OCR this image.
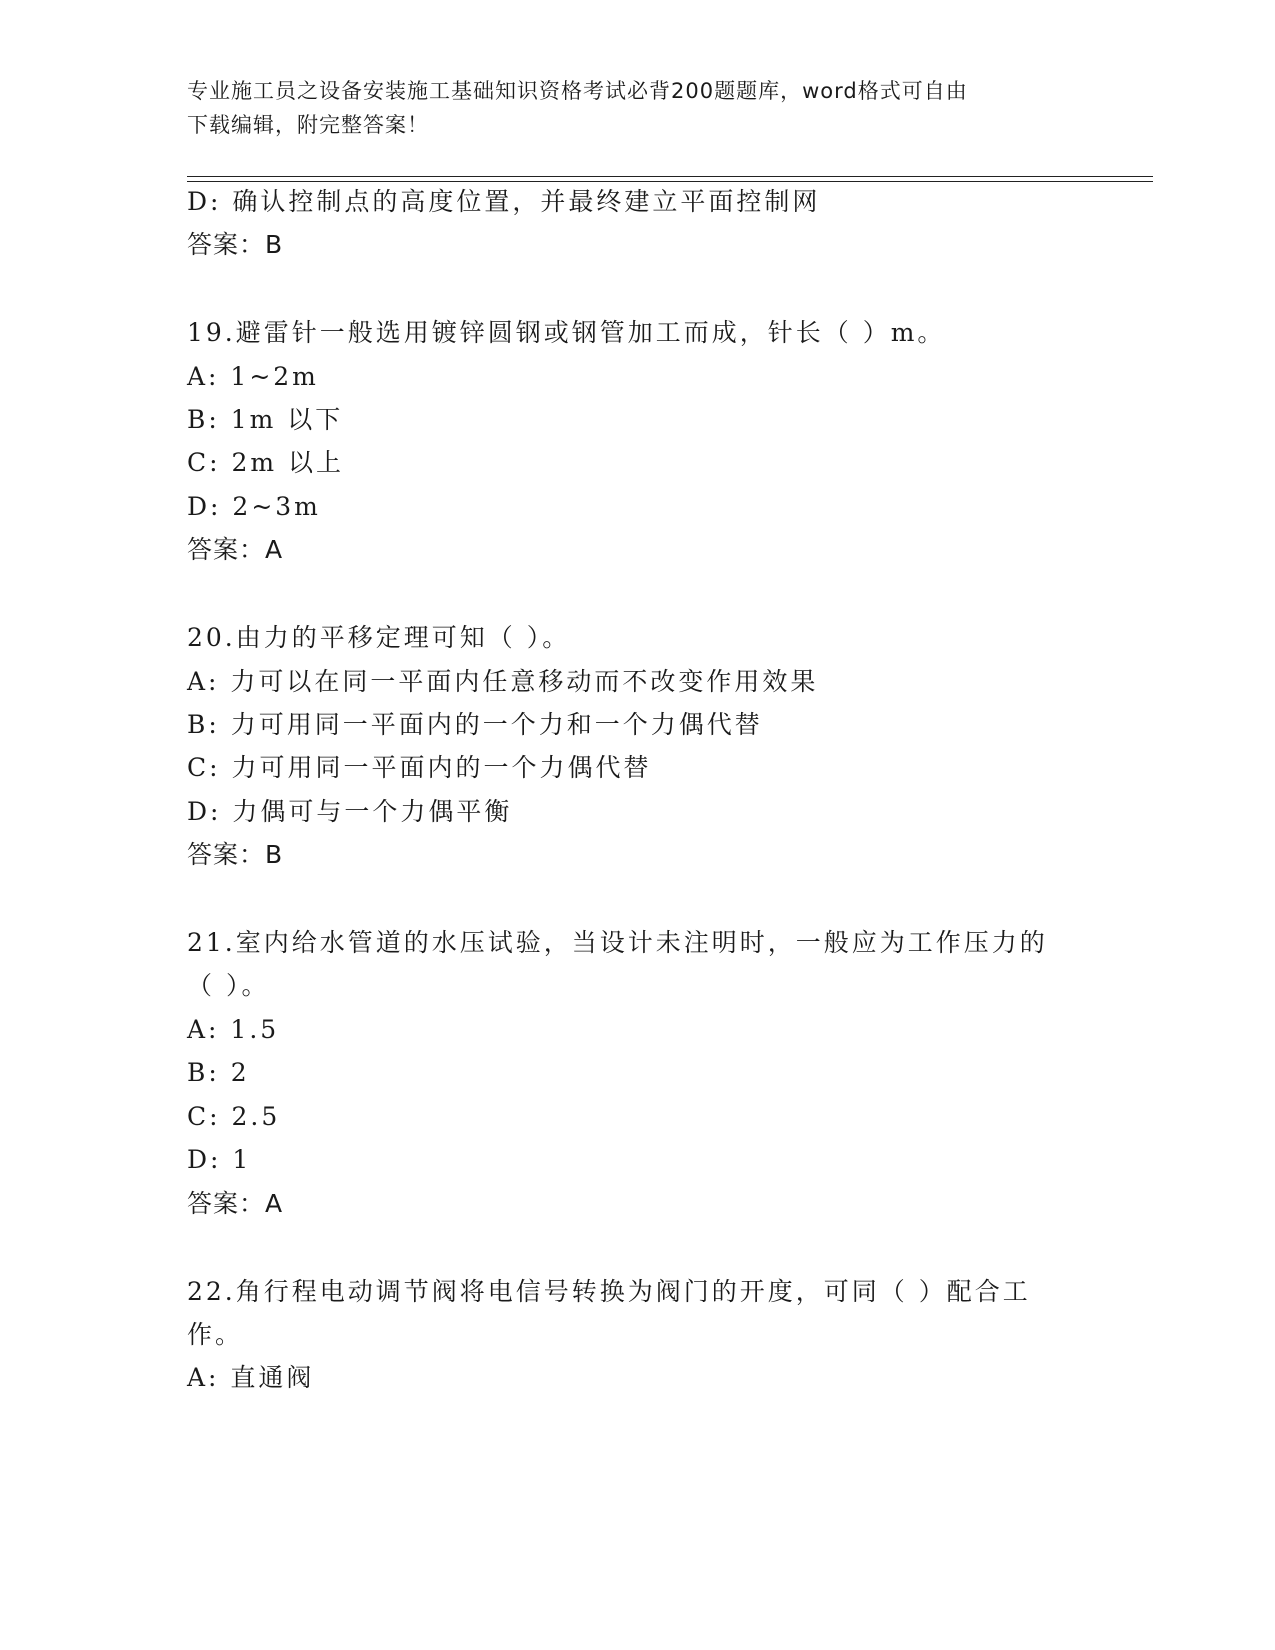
专业施工员之设备安装施工基础知识资格考试必背200题题库，word格式可自由
下载编辑，附完整答案！
D: 确认控制点的高度位置，并最终建立平面控制网
答案：B
19.避雷针一般选用镀锌圆钢或钢管加工而成，针长（ ）m。
A: 1~2m
B: 1m 以下
C: 2m 以上
D: 2~3m
答案：A
20.由力的平移定理可知（ ）。
A: 力可以在同一平面内任意移动而不改变作用效果
B: 力可用同一平面内的一个力和一个力偶代替
C: 力可用同一平面内的一个力偶代替
D: 力偶可与一个力偶平衡
答案：B
21.室内给水管道的水压试验，当设计未注明时，一般应为工作压力的
（ ）。
A: 1.5
B: 2
C: 2.5
D: 1
答案：A
22.角行程电动调节阀将电信号转换为阀门的开度，可同（ ）配合工
作。
A: 直通阀
